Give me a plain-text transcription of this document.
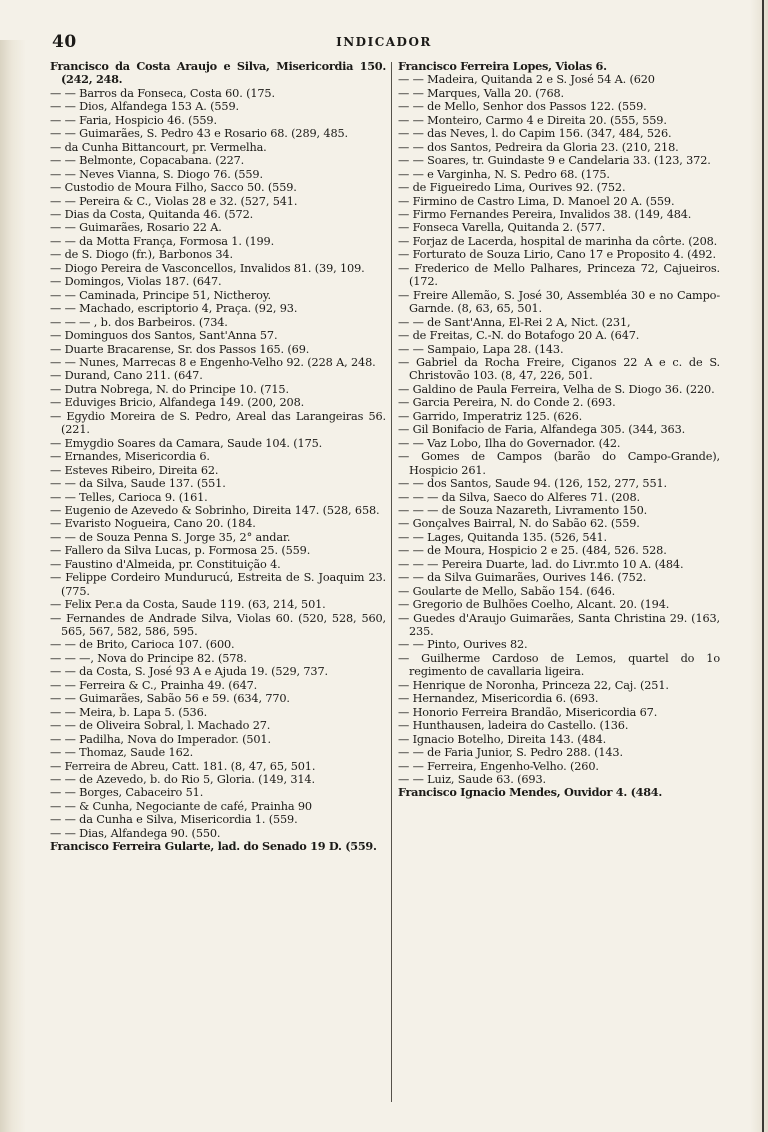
40	INDICADOR
Francisco da Costa Araujo e Silva, Misericordia 150. (242, 248.
— — Barros da Fonseca, Costa 60. (175.
— — Dios, Alfandega 153 A. (559.
— — Faria, Hospicio 46. (559.
— — Guimarães, S. Pedro 43 e Rosario 68. (289, 485.
— da Cunha Bittancourt, pr. Vermelha.
— — Belmonte, Copacabana. (227.
— — Neves Vianna, S. Diogo 76. (559.
— Custodio de Moura Filho, Sacco 50. (559.
— — Pereira & C., Violas 28 e 32. (527, 541.
— Dias da Costa, Quitanda 46. (572.
— — Guimarães, Rosario 22 A.
— — da Motta França, Formosa 1. (199.
— de S. Diogo (fr.), Barbonos 34.
— Diogo Pereira de Vasconcellos, Invalidos 81. (39, 109.
— Domingos, Violas 187. (647.
— — Caminada, Principe 51, Nictheroy.
— — Machado, escriptorio 4, Praça. (92, 93.
— — — , b. dos Barbeiros. (734.
— Dominguos dos Santos, Sant'Anna 57.
— Duarte Bracarense, Sr. dos Passos 165. (69.
— — Nunes, Marrecas 8 e Engenho-Velho 92. (228 A, 248.
— Durand, Cano 211. (647.
— Dutra Nobrega, N. do Principe 10. (715.
— Eduviges Bricio, Alfandega 149. (200, 208.
— Egydio Moreira de S. Pedro, Areal das Larangeiras 56. (221.
— Emygdio Soares da Camara, Saude 104. (175.
— Ernandes, Misericordia 6.
— Esteves Ribeiro, Direita 62.
— — da Silva, Saude 137. (551.
— — Telles, Carioca 9. (161.
— Eugenio de Azevedo & Sobrinho, Direita 147. (528, 658.
— Evaristo Nogueira, Cano 20. (184.
— — de Souza Penna S. Jorge 35, 2° andar.
— Fallero da Silva Lucas, p. Formosa 25. (559.
— Faustino d'Almeida, pr. Constituição 4.
— Felippe Cordeiro Mundurucú, Estreita de S. Joaquim 23. (775.
— Felix Per.a da Costa, Saude 119. (63, 214, 501.
— Fernandes de Andrade Silva, Violas 60. (520, 528, 560, 565, 567, 582, 586, 595.
— — de Brito, Carioca 107. (600.
— — —, Nova do Principe 82. (578.
— — da Costa, S. José 93 A e Ajuda 19. (529, 737.
— — Ferreira & C., Prainha 49. (647.
— — Guimarães, Sabão 56 e 59. (634, 770.
— — Meira, b. Lapa 5. (536.
— — de Oliveira Sobral, l. Machado 27.
— — Padilha, Nova do Imperador. (501.
— — Thomaz, Saude 162.
— Ferreira de Abreu, Catt. 181. (8, 47, 65, 501.
— — de Azevedo, b. do Rio 5, Gloria. (149, 314.
— — Borges, Cabaceiro 51.
— — & Cunha, Negociante de café, Prainha 90
— — da Cunha e Silva, Misericordia 1. (559.
— — Dias, Alfandega 90. (550.
Francisco Ferreira Gularte, lad. do Senado 19 D. (559.
Francisco Ferreira Lopes, Violas 6.
— — Madeira, Quitanda 2 e S. José 54 A. (620
— — Marques, Valla 20. (768.
— — de Mello, Senhor dos Passos 122. (559.
— — Monteiro, Carmo 4 e Direita 20. (555, 559.
— — das Neves, l. do Capim 156. (347, 484, 526.
— — dos Santos, Pedreira da Gloria 23. (210, 218.
— — Soares, tr. Guindaste 9 e Candelaria 33. (123, 372.
— — e Varginha, N. S. Pedro 68. (175.
— de Figueiredo Lima, Ourives 92. (752.
— Firmino de Castro Lima, D. Manoel 20 A. (559.
— Firmo Fernandes Pereira, Invalidos 38. (149, 484.
— Fonseca Varella, Quitanda 2. (577.
— Forjaz de Lacerda, hospital de marinha da côrte. (208.
— Forturato de Souza Lirio, Cano 17 e Proposito 4. (492.
— Frederico de Mello Palhares, Princeza 72, Cajueiros. (172.
— Freire Allemão, S. José 30, Assembléa 30 e no Campo-Garnde. (8, 63, 65, 501.
— — de Sant'Anna, El-Rei 2 A, Nict. (231,
— de Freitas, C.-N. do Botafogo 20 A. (647.
— — Sampaio, Lapa 28. (143.
— Gabriel da Rocha Freire, Ciganos 22 A e c. de S. Christovão 103. (8, 47, 226, 501.
— Galdino de Paula Ferreira, Velha de S. Diogo 36. (220.
— Garcia Pereira, N. do Conde 2. (693.
— Garrido, Imperatriz 125. (626.
— Gil Bonifacio de Faria, Alfandega 305. (344, 363.
— — Vaz Lobo, Ilha do Governador. (42.
— Gomes de Campos (barão do Campo-Grande), Hospicio 261.
— — dos Santos, Saude 94. (126, 152, 277, 551.
— — — da Silva, Saeco do Alferes 71. (208.
— — — de Souza Nazareth, Livramento 150.
— Gonçalves Bairral, N. do Sabão 62. (559.
— — Lages, Quitanda 135. (526, 541.
— — de Moura, Hospicio 2 e 25. (484, 526. 528.
— — — Pereira Duarte, lad. do Livr.mto 10 A. (484.
— — da Silva Guimarães, Ourives 146. (752.
— Goularte de Mello, Sabão 154. (646.
— Gregorio de Bulhões Coelho, Alcant. 20. (194.
— Guedes d'Araujo Guimarães, Santa Christina 29. (163, 235.
— — Pinto, Ourives 82.
— Guilherme Cardoso de Lemos, quartel do 1o regimento de cavallaria ligeira.
— Henrique de Noronha, Princeza 22, Caj. (251.
— Hernandez, Misericordia 6. (693.
— Honorio Ferreira Brandão, Misericordia 67.
— Hunthausen, ladeira do Castello. (136.
— Ignacio Botelho, Direita 143. (484.
— — de Faria Junior, S. Pedro 288. (143.
— — Ferreira, Engenho-Velho. (260.
— — Luiz, Saude 63. (693.
Francisco Ignacio Mendes, Ouvidor 4. (484.
